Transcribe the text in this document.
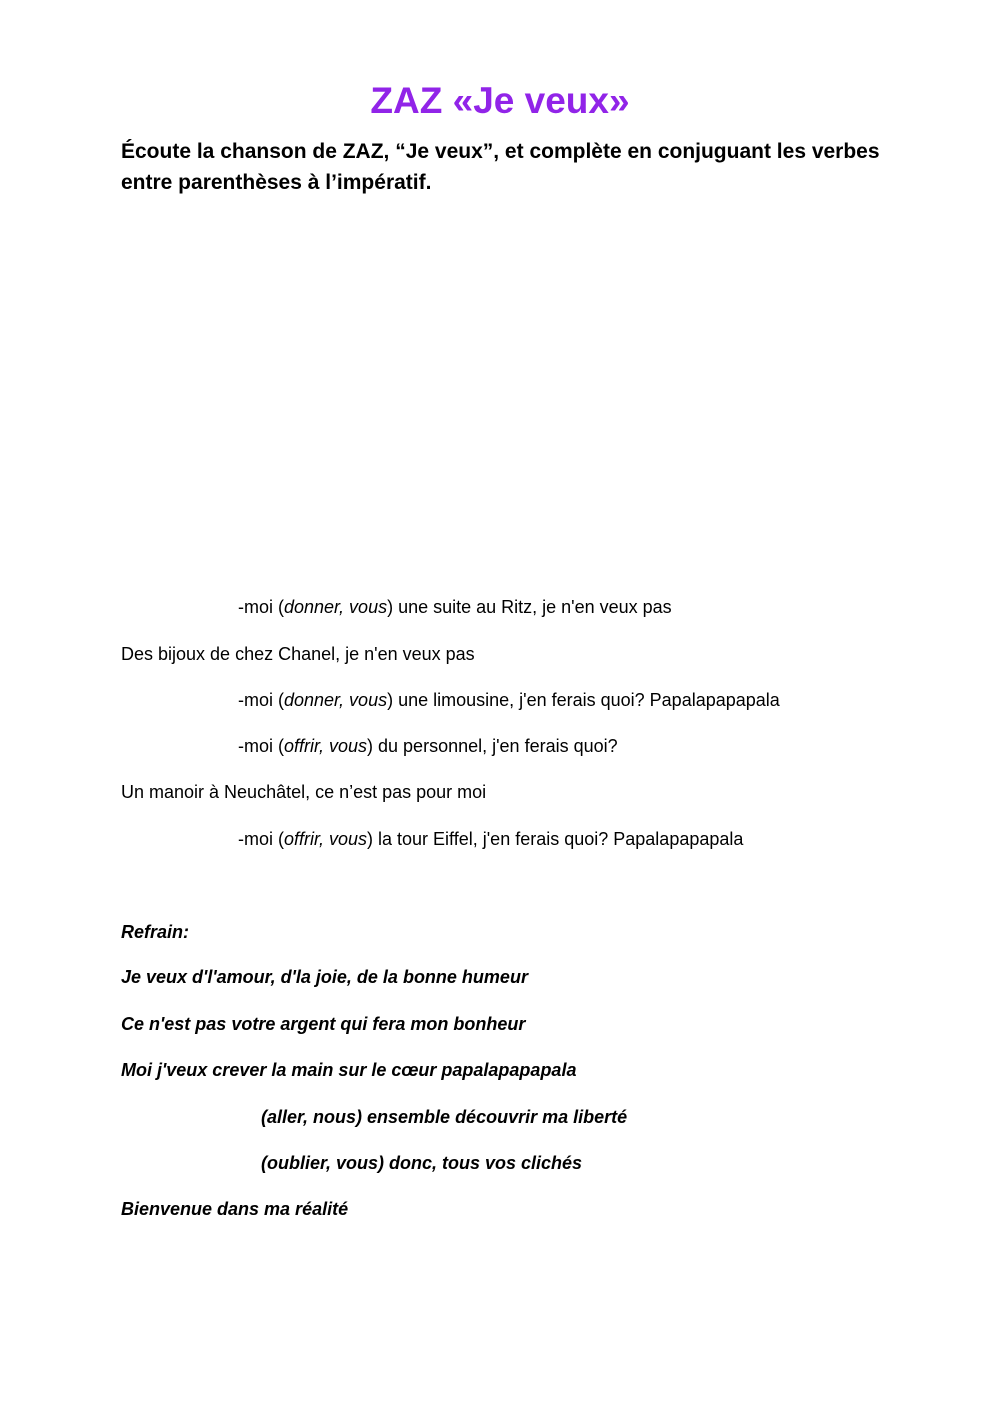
ZAZ «Je veux»

Écoute la chanson de ZAZ, “Je veux”, et complète en conjuguant les verbes entre parenthèses à l’impératif.

-moi (donner, vous) une suite au Ritz, je n'en veux pas
Des bijoux de chez Chanel, je n'en veux pas
-moi (donner, vous) une limousine, j'en ferais quoi? Papalapapapala
-moi (offrir, vous) du personnel, j'en ferais quoi?
Un manoir à Neuchâtel, ce n’est pas pour moi
-moi (offrir, vous) la tour Eiffel, j'en ferais quoi? Papalapapapala
Refrain:
Je veux d'l'amour, d'la joie, de la bonne humeur
Ce n'est pas votre argent qui fera mon bonheur
Moi j'veux crever la main sur le cœur papalapapapala
(aller, nous) ensemble découvrir ma liberté
(oublier, vous) donc, tous vos clichés
Bienvenue dans ma réalité
